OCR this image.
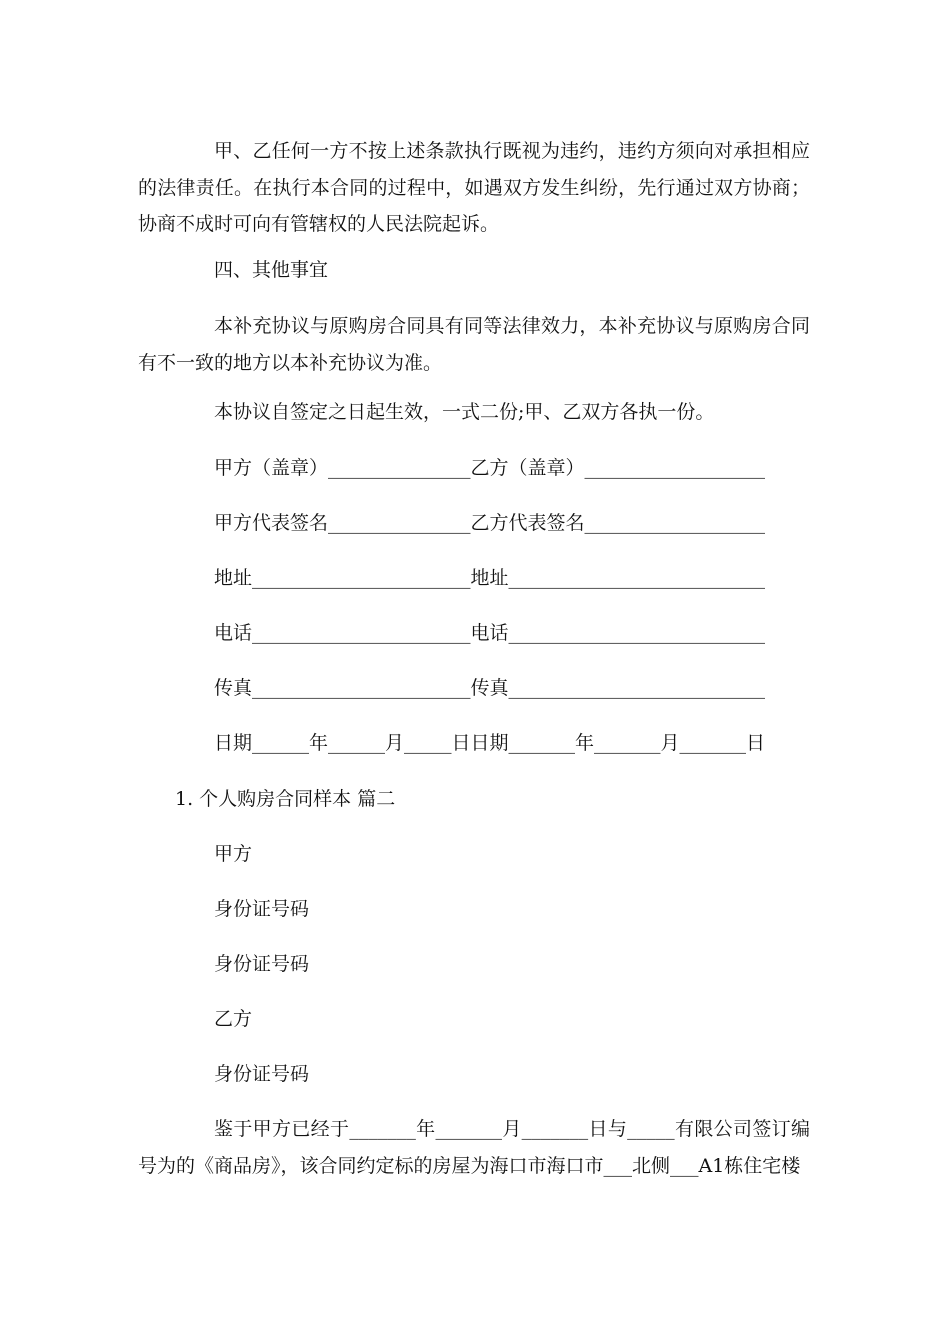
甲、乙任何一方不按上述条款执行既视为违约，违约方须向对承担相应的法律责任。在执行本合同的过程中，如遇双方发生纠纷，先行通过双方协商；协商不成时可向有管辖权的人民法院起诉。

四、其他事宜

本补充协议与原购房合同具有同等法律效力，本补充协议与原购房合同有不一致的地方以本补充协议为准。

本协议自签定之日起生效，一式二份;甲、乙双方各执一份。

甲方（盖章）_______________乙方（盖章）___________________

甲方代表签名_______________乙方代表签名___________________

地址_______________________地址___________________________

电话_______________________电话___________________________

传真_______________________传真___________________________

日期______年______月_____日日期_______年_______月_______日

1. 个人购房合同样本 篇二

甲方

身份证号码

身份证号码

乙方

身份证号码

鉴于甲方已经于_______年_______月_______日与_____有限公司签订编号为的《商品房》，该合同约定标的房屋为海口市海口市___北侧___A1栋住宅楼
